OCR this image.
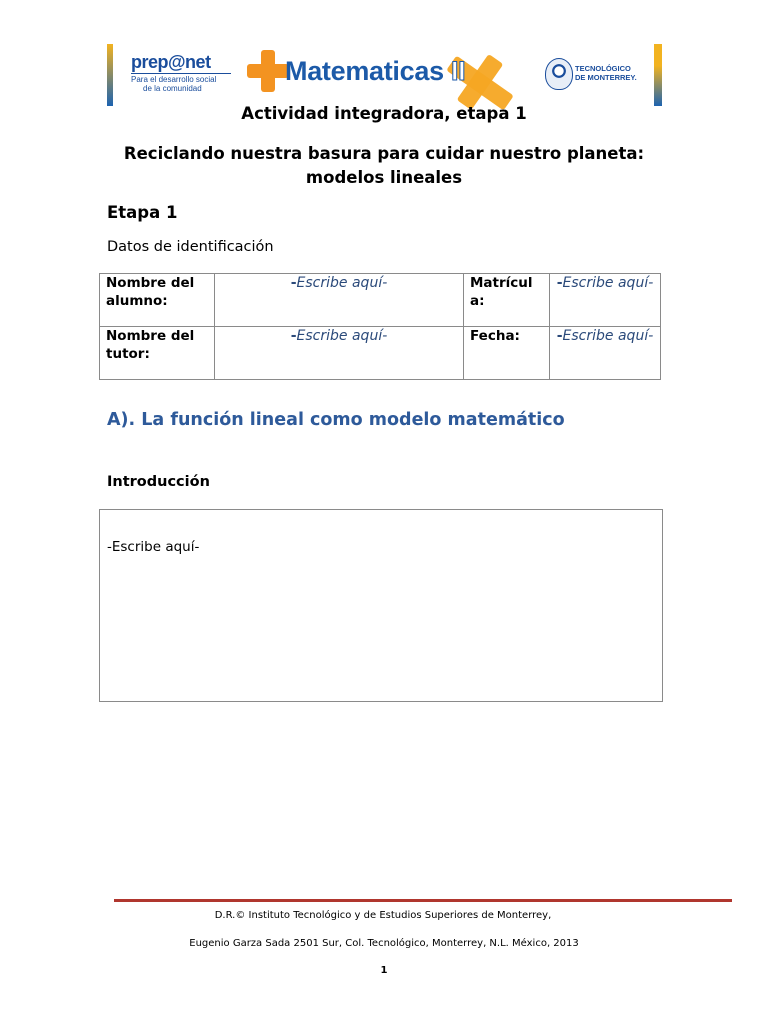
prep@net
Para el desarrollo social
de la comunidad
Matematicas II	TECNOLÓGICO
DE MONTERREY.
Actividad integradora, etapa 1
Reciclando nuestra basura para cuidar nuestro planeta:
modelos lineales
Etapa 1
Datos de identificación
Nombre del alumno:	-Escribe aquí-	Matrícul a:	-Escribe aquí-
Nombre del tutor:	-Escribe aquí-	Fecha:	-Escribe aquí-
A). La función lineal como modelo matemático
Introducción
-Escribe aquí-
D.R.© Instituto Tecnológico y de Estudios Superiores de Monterrey,
Eugenio Garza Sada 2501 Sur, Col. Tecnológico, Monterrey, N.L. México, 2013
1
